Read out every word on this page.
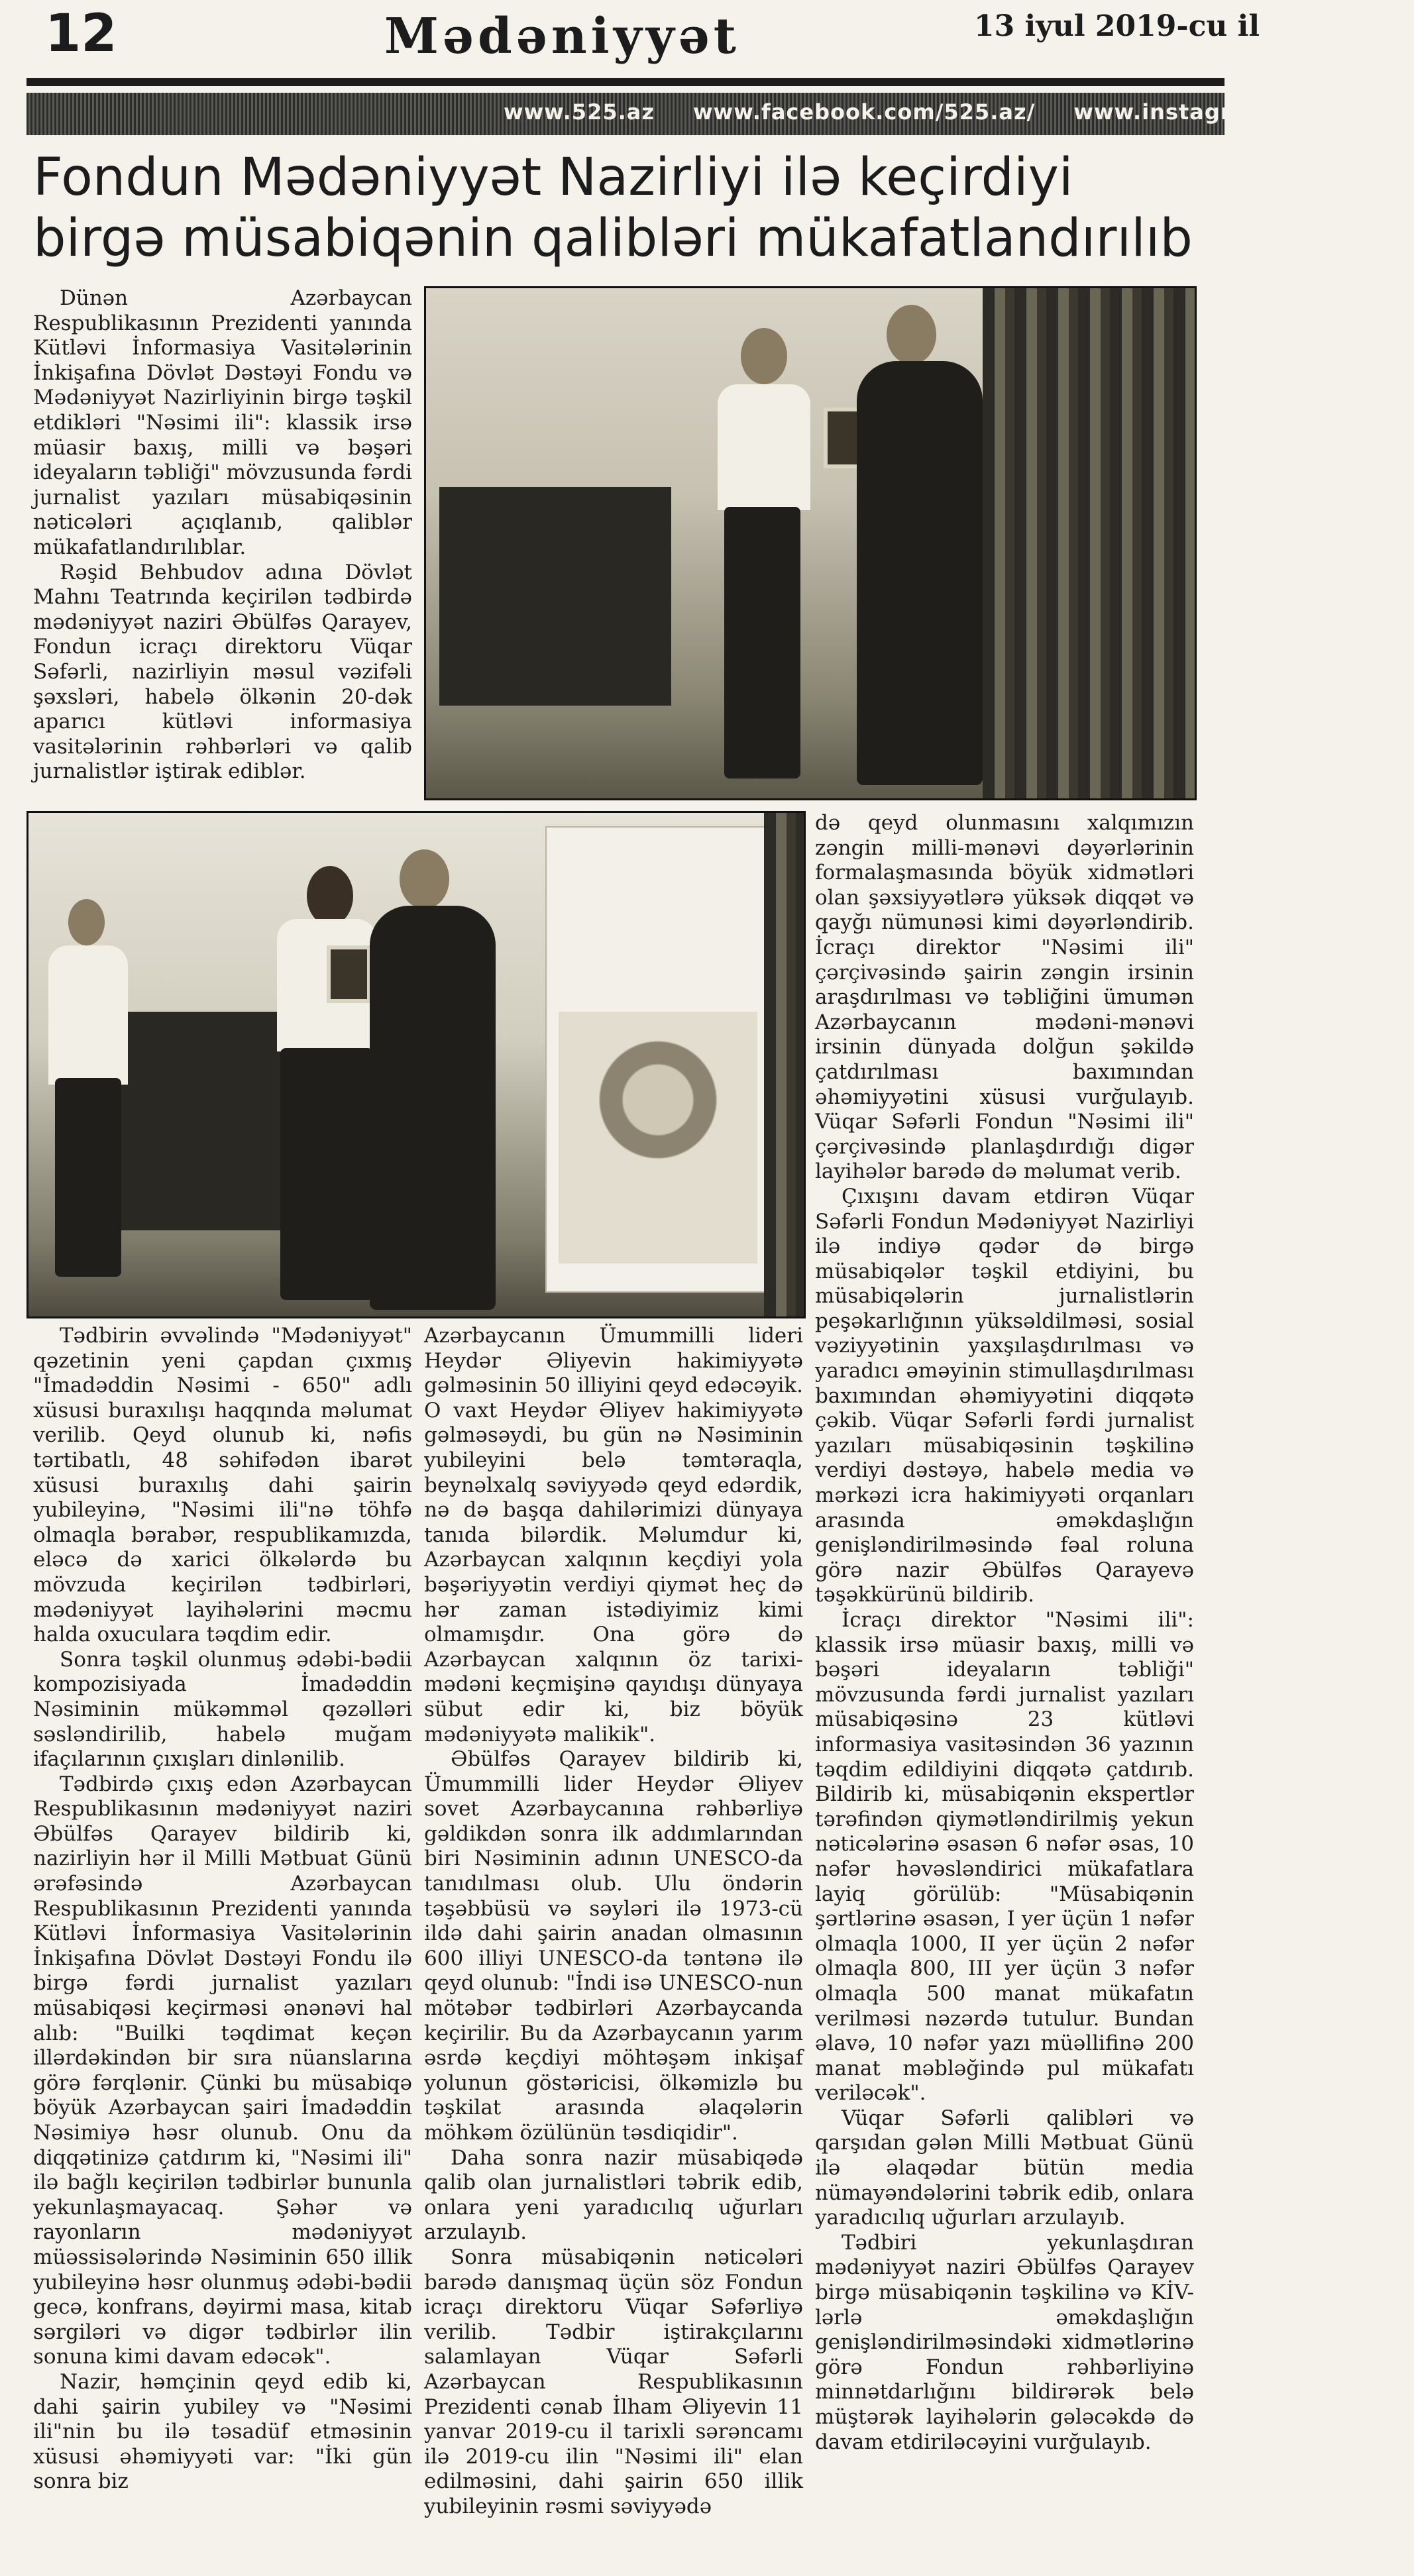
12	Mədəniyyət	13 iyul 2019-cu il
www.525.az www.facebook.com/525.az/ www.instagram.com/525
Fondun Mədəniyyət Nazirliyi ilə keçirdiyi birgə müsabiqənin qalibləri mükafatlandırılıb

Dünən Azərbaycan Respublikasının Prezidenti yanında Kütləvi İnformasiya Vasitələrinin İnkişafına Dövlət Dəstəyi Fondu və Mədəniyyət Nazirliyinin birgə təşkil etdikləri "Nəsimi ili": klassik irsə müasir baxış, milli və bəşəri ideyaların təbliği" mövzusunda fərdi jurnalist yazıları müsabiqəsinin nəticələri açıqlanıb, qaliblər mükafatlandırılıblar.

Rəşid Behbudov adına Dövlət Mahnı Teatrında keçirilən tədbirdə mədəniyyət naziri Əbülfəs Qarayev, Fondun icraçı direktoru Vüqar Səfərli, nazirliyin məsul vəzifəli şəxsləri, habelə ölkənin 20-dək aparıcı kütləvi informasiya vasitələrinin rəhbərləri və qalib jurnalistlər iştirak ediblər.

Tədbirin əvvəlində "Mədəniyyət" qəzetinin yeni çapdan çıxmış "İmadəddin Nəsimi - 650" adlı xüsusi buraxılışı haqqında məlumat verilib. Qeyd olunub ki, nəfis tərtibatlı, 48 səhifədən ibarət xüsusi buraxılış dahi şairin yubileyinə, "Nəsimi ili"nə töhfə olmaqla bərabər, respublikamızda, eləcə də xarici ölkələrdə bu mövzuda keçirilən tədbirləri, mədəniyyət layihələrini məcmu halda oxuculara təqdim edir.

Sonra təşkil olunmuş ədəbi-bədii kompozisiyada İmadəddin Nəsiminin mükəmməl qəzəlləri səsləndirilib, habelə muğam ifaçılarının çıxışları dinlənilib.

Tədbirdə çıxış edən Azərbaycan Respublikasının mədəniyyət naziri Əbülfəs Qarayev bildirib ki, nazirliyin hər il Milli Mətbuat Günü ərəfəsində Azərbaycan Respublikasının Prezidenti yanında Kütləvi İnformasiya Vasitələrinin İnkişafına Dövlət Dəstəyi Fondu ilə birgə fərdi jurnalist yazıları müsabiqəsi keçirməsi ənənəvi hal alıb: "Builki təqdimat keçən illərdəkindən bir sıra nüanslarına görə fərqlənir. Çünki bu müsabiqə böyük Azərbaycan şairi İmadəddin Nəsimiyə həsr olunub. Onu da diqqətinizə çatdırım ki, "Nəsimi ili" ilə bağlı keçirilən tədbirlər bununla yekunlaşmayacaq. Şəhər və rayonların mədəniyyət müəssisələrində Nəsiminin 650 illik yubileyinə həsr olunmuş ədəbi-bədii gecə, konfrans, dəyirmi masa, kitab sərgiləri və digər tədbirlər ilin sonuna kimi davam edəcək".

Nazir, həmçinin qeyd edib ki, dahi şairin yubiley və "Nəsimi ili"nin bu ilə təsadüf etməsinin xüsusi əhəmiyyəti var: "İki gün sonra biz

Azərbaycanın Ümummilli lideri Heydər Əliyevin hakimiyyətə gəlməsinin 50 illiyini qeyd edəcəyik. O vaxt Heydər Əliyev hakimiyyətə gəlməsəydi, bu gün nə Nəsiminin yubileyini belə təmtəraqla, beynəlxalq səviyyədə qeyd edərdik, nə də başqa dahilərimizi dünyaya tanıda bilərdik. Məlumdur ki, Azərbaycan xalqının keçdiyi yola bəşəriyyətin verdiyi qiymət heç də hər zaman istədiyimiz kimi olmamışdır. Ona görə də Azərbaycan xalqının öz tarixi-mədəni keçmişinə qayıdışı dünyaya sübut edir ki, biz böyük mədəniyyətə malikik".

Əbülfəs Qarayev bildirib ki, Ümummilli lider Heydər Əliyev sovet Azərbaycanına rəhbərliyə gəldikdən sonra ilk addımlarından biri Nəsiminin adının UNESCO-da tanıdılması olub. Ulu öndərin təşəbbüsü və səyləri ilə 1973-cü ildə dahi şairin anadan olmasının 600 illiyi UNESCO-da təntənə ilə qeyd olunub: "İndi isə UNESCO-nun mötəbər tədbirləri Azərbaycanda keçirilir. Bu da Azərbaycanın yarım əsrdə keçdiyi möhtəşəm inkişaf yolunun göstəricisi, ölkəmizlə bu təşkilat arasında əlaqələrin möhkəm özülünün təsdiqidir".

Daha sonra nazir müsabiqədə qalib olan jurnalistləri təbrik edib, onlara yeni yaradıcılıq uğurları arzulayıb.

Sonra müsabiqənin nəticələri barədə danışmaq üçün söz Fondun icraçı direktoru Vüqar Səfərliyə verilib. Tədbir iştirakçılarını salamlayan Vüqar Səfərli Azərbaycan Respublikasının Prezidenti cənab İlham Əliyevin 11 yanvar 2019-cu il tarixli sərəncamı ilə 2019-cu ilin "Nəsimi ili" elan edilməsini, dahi şairin 650 illik yubileyinin rəsmi səviyyədə

də qeyd olunmasını xalqımızın zəngin milli-mənəvi dəyərlərinin formalaşmasında böyük xidmətləri olan şəxsiyyətlərə yüksək diqqət və qayğı nümunəsi kimi dəyərləndirib. İcraçı direktor "Nəsimi ili" çərçivəsində şairin zəngin irsinin araşdırılması və təbliğini ümumən Azərbaycanın mədəni-mənəvi irsinin dünyada dolğun şəkildə çatdırılması baxımından əhəmiyyətini xüsusi vurğulayıb. Vüqar Səfərli Fondun "Nəsimi ili" çərçivəsində planlaşdırdığı digər layihələr barədə də məlumat verib.

Çıxışını davam etdirən Vüqar Səfərli Fondun Mədəniyyət Nazirliyi ilə indiyə qədər də birgə müsabiqələr təşkil etdiyini, bu müsabiqələrin jurnalistlərin peşəkarlığının yüksəldilməsi, sosial vəziyyətinin yaxşılaşdırılması və yaradıcı əməyinin stimullaşdırılması baxımından əhəmiyyətini diqqətə çəkib. Vüqar Səfərli fərdi jurnalist yazıları müsabiqəsinin təşkilinə verdiyi dəstəyə, habelə media və mərkəzi icra hakimiyyəti orqanları arasında əməkdaşlığın genişləndirilməsində fəal roluna görə nazir Əbülfəs Qarayevə təşəkkürünü bildirib.

İcraçı direktor "Nəsimi ili": klassik irsə müasir baxış, milli və bəşəri ideyaların təbliği" mövzusunda fərdi jurnalist yazıları müsabiqəsinə 23 kütləvi informasiya vasitəsindən 36 yazının təqdim edildiyini diqqətə çatdırıb. Bildirib ki, müsabiqənin ekspertlər tərəfindən qiymətləndirilmiş yekun nəticələrinə əsasən 6 nəfər əsas, 10 nəfər həvəsləndirici mükafatlara layiq görülüb: "Müsabiqənin şərtlərinə əsasən, I yer üçün 1 nəfər olmaqla 1000, II yer üçün 2 nəfər olmaqla 800, III yer üçün 3 nəfər olmaqla 500 manat mükafatın verilməsi nəzərdə tutulur. Bundan əlavə, 10 nəfər yazı müəllifinə 200 manat məbləğində pul mükafatı veriləcək".

Vüqar Səfərli qalibləri və qarşıdan gələn Milli Mətbuat Günü ilə əlaqədar bütün media nümayəndələrini təbrik edib, onlara yaradıcılıq uğurları arzulayıb.

Tədbiri yekunlaşdıran mədəniyyət naziri Əbülfəs Qarayev birgə müsabiqənin təşkilinə və KİV-lərlə əməkdaşlığın genişləndirilməsindəki xidmətlərinə görə Fondun rəhbərliyinə minnətdarlığını bildirərək belə müştərək layihələrin gələcəkdə də davam etdiriləcəyini vurğulayıb.
